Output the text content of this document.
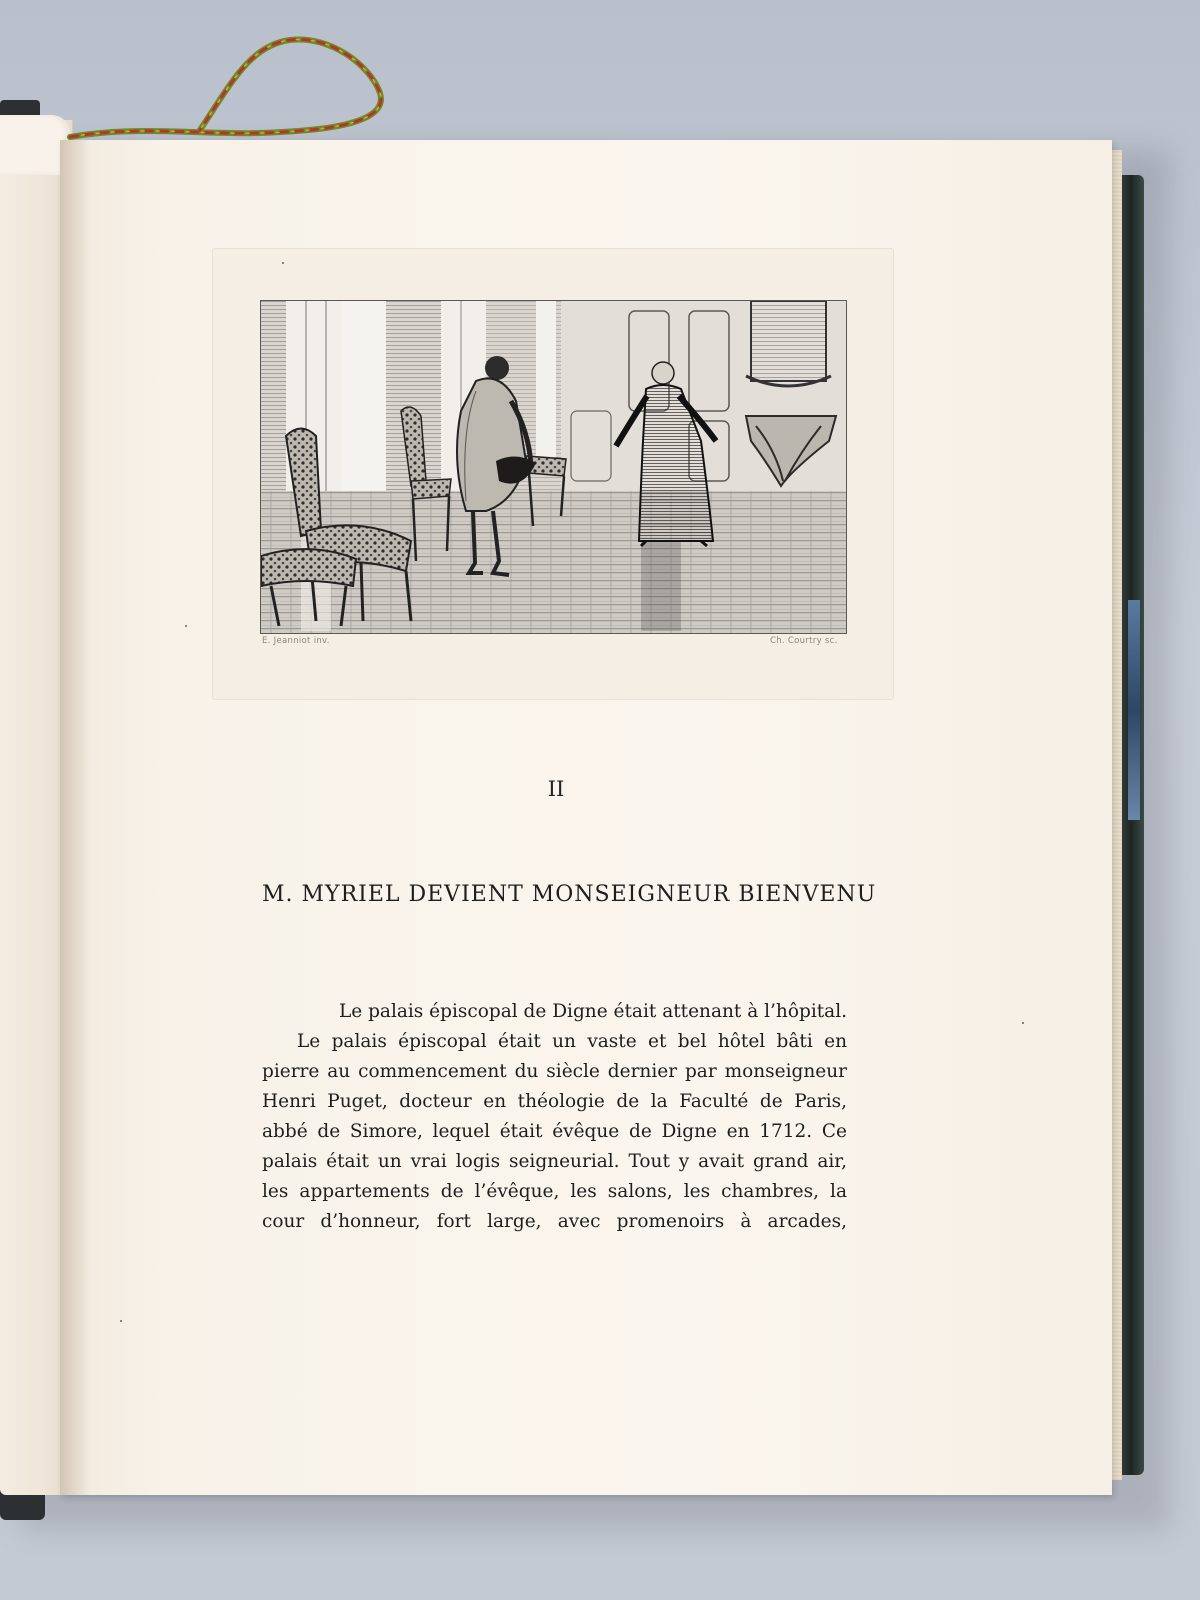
E. Jeanniot inv.	Ch. Courtry sc.
II
M. MYRIEL DEVIENT MONSEIGNEUR BIENVENU

Le palais épiscopal de Digne était attenant à l’hôpital.

Le palais épiscopal était un vaste et bel hôtel bâti en pierre au commencement du siècle dernier par monseigneur Henri Puget, docteur en théologie de la Faculté de Paris, abbé de Simore, lequel était évêque de Digne en 1712. Ce palais était un vrai logis seigneurial. Tout y avait grand air, les appartements de l’évêque, les salons, les chambres, la cour d’honneur, fort large, avec promenoirs à arcades,
